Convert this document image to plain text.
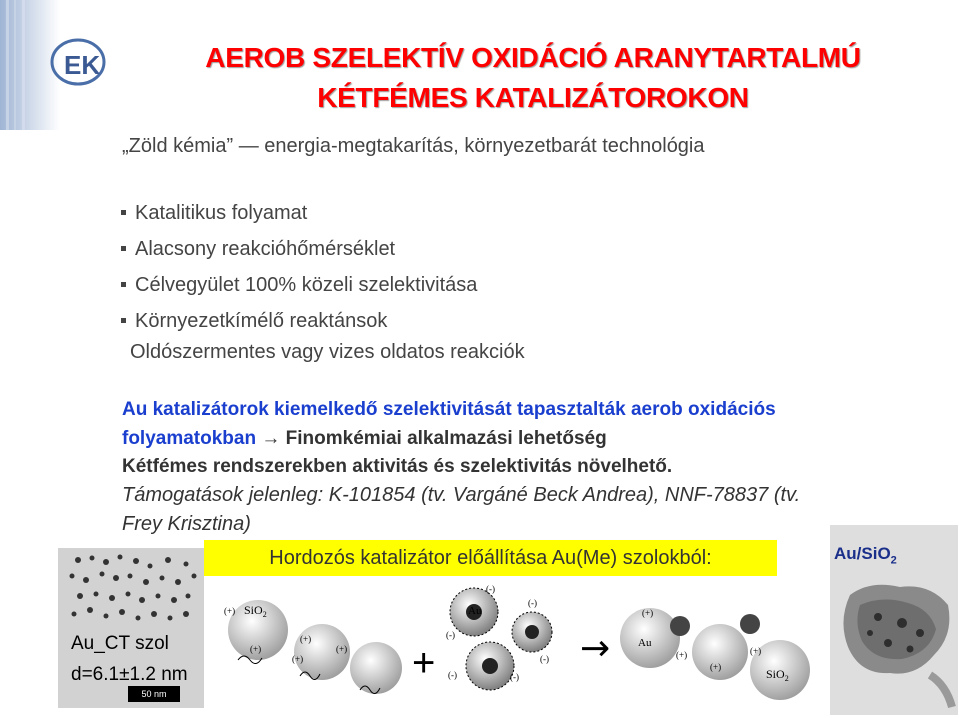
EK	AEROB SZELEKTÍV OXIDÁCIÓ ARANYTARTALMÚ
KÉTFÉMES KATALIZÁTOROKON
„Zöld kémia” — energia-megtakarítás, környezetbarát technológia
Katalitikus folyamat
Alacsony reakcióhőmérséklet
Célvegyület 100% közeli szelektivitása
Környezetkímélő reaktánsok
Oldószermentes vagy vizes oldatos reakciók
Au katalizátorok kiemelkedő szelektivitását tapasztalták aerob oxidációs folyamatokban → Finomkémiai alkalmazási lehetőség
Kétfémes rendszerekben aktivitás és szelektivitás növelhető.
Támogatások jelenleg: K-101854 (tv. Vargáné Beck Andrea), NNF-78837 (tv. Frey Krisztina)
Au_CT szol
d=6.1±1.2 nm
50 nm
Au/SiO$_2$
Hordozós katalizátor előállítása Au(Me) szolokból:
SiO$_2$
(+)
(+)
(+)
(+)
(+) +
Au
(-)
(-)
(-)
(-)
(-)	(-)
→	Au
(+)
(+)
(+)
(+)
SiO$_2$
